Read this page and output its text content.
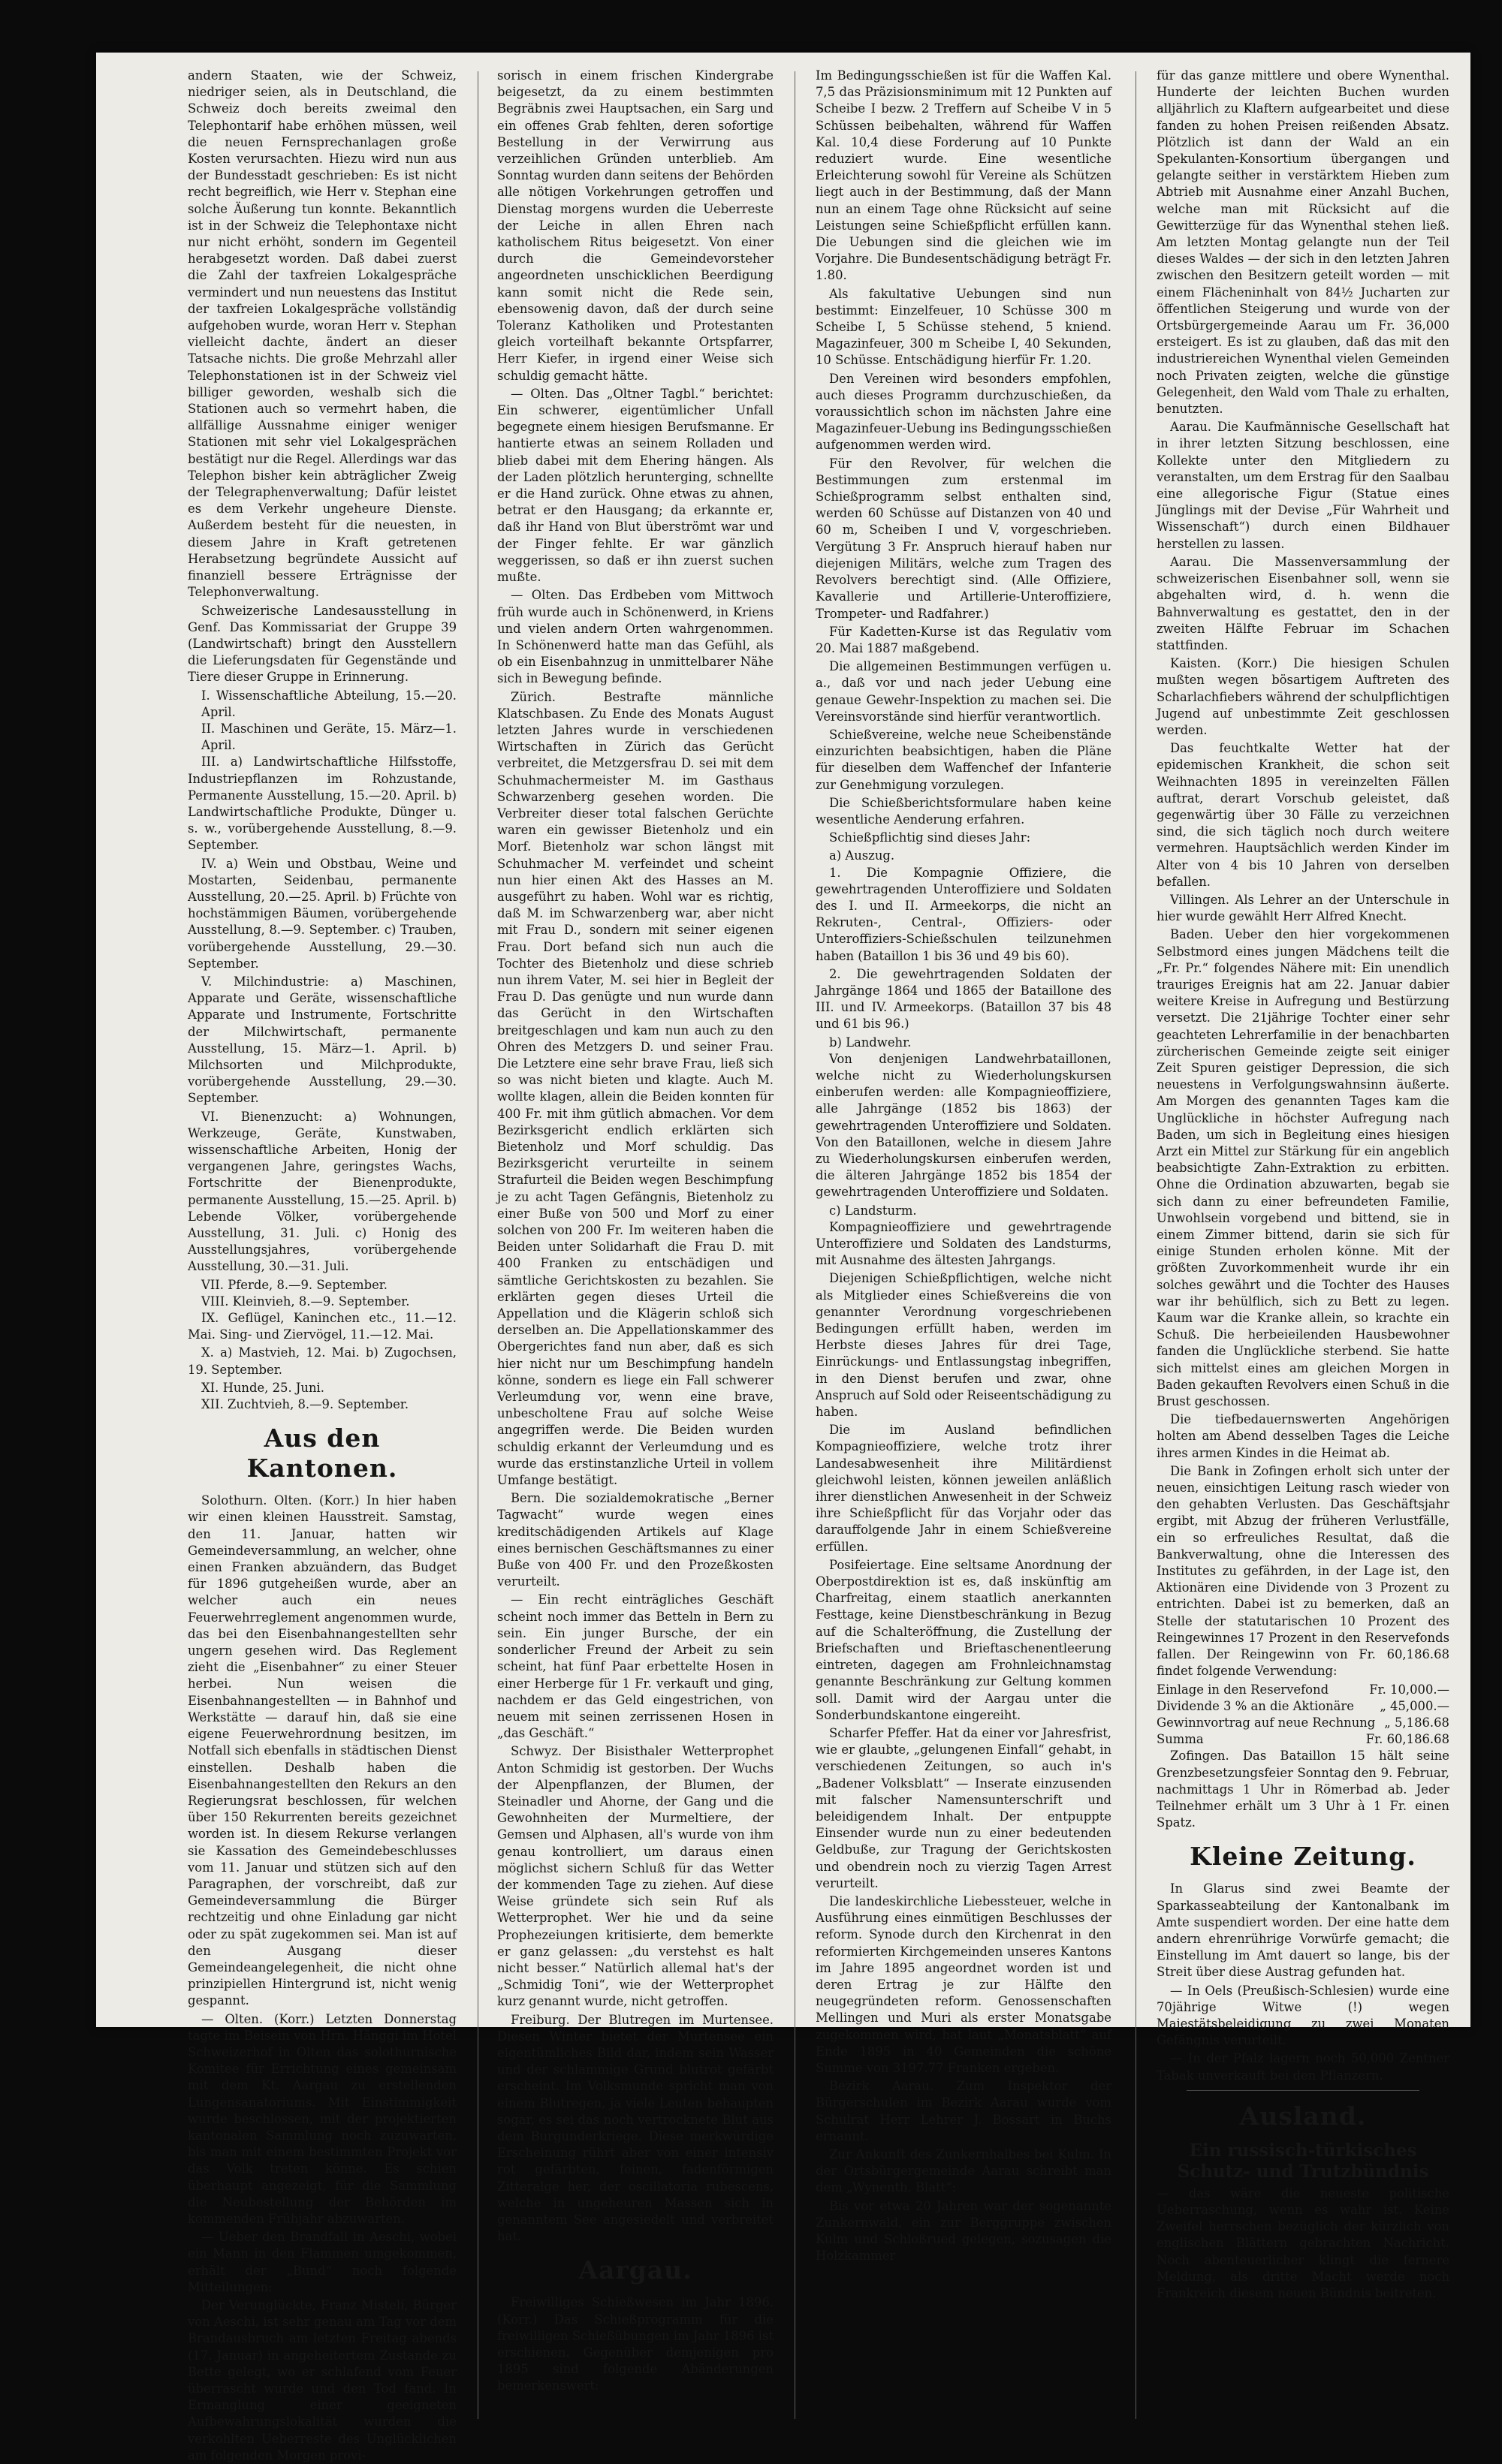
andern Staaten, wie der Schweiz, niedriger seien, als in Deutschland, die Schweiz doch bereits zweimal den Telephontarif habe erhöhen müssen, weil die neuen Fernsprechanlagen große Kosten verursachten. Hiezu wird nun aus der Bundesstadt geschrieben: Es ist nicht recht begreiflich, wie Herr v. Stephan eine solche Äußerung tun konnte. Bekanntlich ist in der Schweiz die Telephontaxe nicht nur nicht erhöht, sondern im Gegenteil herabgesetzt worden. Daß dabei zuerst die Zahl der taxfreien Lokalgespräche vermindert und nun neuestens das Institut der taxfreien Lokalgespräche vollständig aufgehoben wurde, woran Herr v. Stephan vielleicht dachte, ändert an dieser Tatsache nichts. Die große Mehrzahl aller Telephonstationen ist in der Schweiz viel billiger geworden, weshalb sich die Stationen auch so vermehrt haben, die allfällige Aussnahme einiger weniger Stationen mit sehr viel Lokalgesprächen bestätigt nur die Regel. Allerdings war das Telephon bisher kein abträglicher Zweig der Telegraphenverwaltung; Dafür leistet es dem Verkehr ungeheure Dienste. Außerdem besteht für die neuesten, in diesem Jahre in Kraft getretenen Herabsetzung begründete Aussicht auf finanziell bessere Erträgnisse der Telephonverwaltung.

Schweizerische Landesausstellung in Genf. Das Kommissariat der Gruppe 39 (Landwirtschaft) bringt den Ausstellern die Lieferungsdaten für Gegenstände und Tiere dieser Gruppe in Erinnerung.

I. Wissenschaftliche Abteilung, 15.—20. April.

II. Maschinen und Geräte, 15. März—1. April.

III. a) Landwirtschaftliche Hilfsstoffe, Industriepflanzen im Rohzustande, Permanente Ausstellung, 15.—20. April. b) Landwirtschaftliche Produkte, Dünger u. s. w., vorübergehende Ausstellung, 8.—9. September.

IV. a) Wein und Obstbau, Weine und Mostarten, Seidenbau, permanente Ausstellung, 20.—25. April. b) Früchte von hochstämmigen Bäumen, vorübergehende Ausstellung, 8.—9. September. c) Trauben, vorübergehende Ausstellung, 29.—30. September.

V. Milchindustrie: a) Maschinen, Apparate und Geräte, wissenschaftliche Apparate und Instrumente, Fortschritte der Milchwirtschaft, permanente Ausstellung, 15. März—1. April. b) Milchsorten und Milchprodukte, vorübergehende Ausstellung, 29.—30. September.

VI. Bienenzucht: a) Wohnungen, Werkzeuge, Geräte, Kunstwaben, wissenschaftliche Arbeiten, Honig der vergangenen Jahre, geringstes Wachs, Fortschritte der Bienenprodukte, permanente Ausstellung, 15.—25. April. b) Lebende Völker, vorübergehende Ausstellung, 31. Juli. c) Honig des Ausstellungsjahres, vorübergehende Ausstellung, 30.—31. Juli.

VII. Pferde, 8.—9. September.

VIII. Kleinvieh, 8.—9. September.

IX. Geflügel, Kaninchen etc., 11.—12. Mai. Sing- und Ziervögel, 11.—12. Mai.

X. a) Mastvieh, 12. Mai. b) Zugochsen, 19. September.

XI. Hunde, 25. Juni.

XII. Zuchtvieh, 8.—9. September.

Aus den Kantonen.

Solothurn. Olten. (Korr.) In hier haben wir einen kleinen Hausstreit. Samstag, den 11. Januar, hatten wir Gemeindeversammlung, an welcher, ohne einen Franken abzuändern, das Budget für 1896 gutgeheißen wurde, aber an welcher auch ein neues Feuerwehrreglement angenommen wurde, das bei den Eisenbahnangestellten sehr ungern gesehen wird. Das Reglement zieht die „Eisenbahner“ zu einer Steuer herbei. Nun weisen die Eisenbahnangestellten — in Bahnhof und Werkstätte — darauf hin, daß sie eine eigene Feuerwehrordnung besitzen, im Notfall sich ebenfalls in städtischen Dienst einstellen. Deshalb haben die Eisenbahnangestellten den Rekurs an den Regierungsrat beschlossen, für welchen über 150 Rekurrenten bereits gezeichnet worden ist. In diesem Rekurse verlangen sie Kassation des Gemeindebeschlusses vom 11. Januar und stützen sich auf den Paragraphen, der vorschreibt, daß zur Gemeindeversammlung die Bürger rechtzeitig und ohne Einladung gar nicht oder zu spät zugekommen sei. Man ist auf den Ausgang dieser Gemeindeangelegenheit, die nicht ohne prinzipiellen Hintergrund ist, nicht wenig gespannt.

— Olten. (Korr.) Letzten Donnerstag tagte im Beisein von Hrn. Hänggi im Hotel Schweizerhof in Olten das solothurnische Komitee für Errichtung eines gemeinsam mit dem Kt. Aargau zu erstellenden Lungensanatoriums. Mit Einstimmigkeit wurde beschlossen, mit der projektierten kantonalen Sammlung noch zuzuwarten, bis man mit einem bestimmten Projekt vor das Volk treten könne. Es schien überhaupt angezeigt, für die Sammlung die Neubestellung der Behörden im kommenden Frühjahr abzuwarten.

— Ueber den Brandfall in Aeschi, wobei ein Mann in den Flammen umgekommen, erhält der „Bund“ noch folgende Mitteilungen:

Der Verunglückte, Franz Mistelí, Bürger von Aeschi, ist sehr genau am Tag vor dem Brandausbruch am letzten Freitag abends (17. Januar) in angeheitertem Zustande zu Bette gelegt, wo er schlafend vom Feuer überrascht wurde und den Tod fand. In Ermanglung einer geeigneten Aufbewahrungslokalität wurden die verkohlten Ueberreste des Unglücklichen am folgenden Morgen provi-

sorisch in einem frischen Kindergrabe beigesetzt, da zu einem bestimmten Begräbnis zwei Hauptsachen, ein Sarg und ein offenes Grab fehlten, deren sofortige Bestellung in der Verwirrung aus verzeihlichen Gründen unterblieb. Am Sonntag wurden dann seitens der Behörden alle nötigen Vorkehrungen getroffen und Dienstag morgens wurden die Ueberreste der Leiche in allen Ehren nach katholischem Ritus beigesetzt. Von einer durch die Gemeindevorsteher angeordneten unschicklichen Beerdigung kann somit nicht die Rede sein, ebensowenig davon, daß der durch seine Toleranz Katholiken und Protestanten gleich vorteilhaft bekannte Ortspfarrer, Herr Kiefer, in irgend einer Weise sich schuldig gemacht hätte.

— Olten. Das „Oltner Tagbl.“ berichtet: Ein schwerer, eigentümlicher Unfall begegnete einem hiesigen Berufsmanne. Er hantierte etwas an seinem Rolladen und blieb dabei mit dem Ehering hängen. Als der Laden plötzlich herunterging, schnellte er die Hand zurück. Ohne etwas zu ahnen, betrat er den Hausgang; da erkannte er, daß ihr Hand von Blut überströmt war und der Finger fehlte. Er war gänzlich weggerissen, so daß er ihn zuerst suchen mußte.

— Olten. Das Erdbeben vom Mittwoch früh wurde auch in Schönenwerd, in Kriens und vielen andern Orten wahrgenommen. In Schönenwerd hatte man das Gefühl, als ob ein Eisenbahnzug in unmittelbarer Nähe sich in Bewegung befinde.

Zürich. Bestrafte männliche Klatschbasen. Zu Ende des Monats August letzten Jahres wurde in verschiedenen Wirtschaften in Zürich das Gerücht verbreitet, die Metzgersfrau D. sei mit dem Schuhmachermeister M. im Gasthaus Schwarzenberg gesehen worden. Die Verbreiter dieser total falschen Gerüchte waren ein gewisser Bietenholz und ein Morf. Bietenholz war schon längst mit Schuhmacher M. verfeindet und scheint nun hier einen Akt des Hasses an M. ausgeführt zu haben. Wohl war es richtig, daß M. im Schwarzenberg war, aber nicht mit Frau D., sondern mit seiner eigenen Frau. Dort befand sich nun auch die Tochter des Bietenholz und diese schrieb nun ihrem Vater, M. sei hier in Begleit der Frau D. Das genügte und nun wurde dann das Gerücht in den Wirtschaften breitgeschlagen und kam nun auch zu den Ohren des Metzgers D. und seiner Frau. Die Letztere eine sehr brave Frau, ließ sich so was nicht bieten und klagte. Auch M. wollte klagen, allein die Beiden konnten für 400 Fr. mit ihm gütlich abmachen. Vor dem Bezirksgericht endlich erklärten sich Bietenholz und Morf schuldig. Das Bezirksgericht verurteilte in seinem Strafurteil die Beiden wegen Beschimpfung je zu acht Tagen Gefängnis, Bietenholz zu einer Buße von 500 und Morf zu einer solchen von 200 Fr. Im weiteren haben die Beiden unter Solidarhaft die Frau D. mit 400 Franken zu entschädigen und sämtliche Gerichtskosten zu bezahlen. Sie erklärten gegen dieses Urteil die Appellation und die Klägerin schloß sich derselben an. Die Appellationskammer des Obergerichtes fand nun aber, daß es sich hier nicht nur um Beschimpfung handeln könne, sondern es liege ein Fall schwerer Verleumdung vor, wenn eine brave, unbescholtene Frau auf solche Weise angegriffen werde. Die Beiden wurden schuldig erkannt der Verleumdung und es wurde das erstinstanzliche Urteil in vollem Umfange bestätigt.

Bern. Die sozialdemokratische „Berner Tagwacht“ wurde wegen eines kreditschädigenden Artikels auf Klage eines bernischen Geschäftsmannes zu einer Buße von 400 Fr. und den Prozeßkosten verurteilt.

— Ein recht einträgliches Geschäft scheint noch immer das Betteln in Bern zu sein. Ein junger Bursche, der ein sonderlicher Freund der Arbeit zu sein scheint, hat fünf Paar erbettelte Hosen in einer Herberge für 1 Fr. verkauft und ging, nachdem er das Geld eingestrichen, von neuem mit seinen zerrissenen Hosen in „das Geschäft.“

Schwyz. Der Bisisthaler Wetterprophet Anton Schmidig ist gestorben. Der Wuchs der Alpenpflanzen, der Blumen, der Steinadler und Ahorne, der Gang und die Gewohnheiten der Murmeltiere, der Gemsen und Alphasen, all's wurde von ihm genau kontrolliert, um daraus einen möglichst sichern Schluß für das Wetter der kommenden Tage zu ziehen. Auf diese Weise gründete sich sein Ruf als Wetterprophet. Wer hie und da seine Prophezeiungen kritisierte, dem bemerkte er ganz gelassen: „du verstehst es halt nicht besser.“ Natürlich allemal hat's der „Schmidig Toni“, wie der Wetterprophet kurz genannt wurde, nicht getroffen.

Freiburg. Der Blutregen im Murtensee. Diesen Winter bietet der Murtensee ein eigentümliches Bild dar, indem sein Wasser und der schlammige Grund blutrot gefärbt erscheint. Im Volksmunde spricht man von einem Blutregen, ja viele Leuten behaupten sogar, es sei das noch vertrocknete Blut aus dem Burgunderkriege. Diese merkwürdige Erscheinung rührt aber von einer intensiv rot gefärbten, feinen, fadenförmigen Zitteralge her, der oscillatoria rubescens, welche in ungeheuren Massen sich in genanntem See angesiedelt und verbreitet hat.

Aargau.

Freiwilliges Schießwesen im Jahr 1896. (Korr.) Das Schießprogramm für die freiwilligen Schießübungen im Jahr 1896 ist erschienen. Gegenüber demjenigen pro 1895 sind folgende Abänderungen bemerkenswert:

Im Bedingungsschießen ist für die Waffen Kal. 7,5 das Präzisionsminimum mit 12 Punkten auf Scheibe I bezw. 2 Treffern auf Scheibe V in 5 Schüssen beibehalten, während für Waffen Kal. 10,4 diese Forderung auf 10 Punkte reduziert wurde. Eine wesentliche Erleichterung sowohl für Vereine als Schützen liegt auch in der Bestimmung, daß der Mann nun an einem Tage ohne Rücksicht auf seine Leistungen seine Schießpflicht erfüllen kann. Die Uebungen sind die gleichen wie im Vorjahre. Die Bundesentschädigung beträgt Fr. 1.80.

Als fakultative Uebungen sind nun bestimmt: Einzelfeuer, 10 Schüsse 300 m Scheibe I, 5 Schüsse stehend, 5 kniend. Magazinfeuer, 300 m Scheibe I, 40 Sekunden, 10 Schüsse. Entschädigung hierfür Fr. 1.20.

Den Vereinen wird besonders empfohlen, auch dieses Programm durchzuschießen, da voraussichtlich schon im nächsten Jahre eine Magazinfeuer-Uebung ins Bedingungsschießen aufgenommen werden wird.

Für den Revolver, für welchen die Bestimmungen zum erstenmal im Schießprogramm selbst enthalten sind, werden 60 Schüsse auf Distanzen von 40 und 60 m, Scheiben I und V, vorgeschrieben. Vergütung 3 Fr. Anspruch hierauf haben nur diejenigen Militärs, welche zum Tragen des Revolvers berechtigt sind. (Alle Offiziere, Kavallerie und Artillerie-Unteroffiziere, Trompeter- und Radfahrer.)

Für Kadetten-Kurse ist das Regulativ vom 20. Mai 1887 maßgebend.

Die allgemeinen Bestimmungen verfügen u. a., daß vor und nach jeder Uebung eine genaue Gewehr-Inspektion zu machen sei. Die Vereinsvorstände sind hierfür verantwortlich.

Schießvereine, welche neue Scheibenstände einzurichten beabsichtigen, haben die Pläne für dieselben dem Waffenchef der Infanterie zur Genehmigung vorzulegen.

Die Schießberichtsformulare haben keine wesentliche Aenderung erfahren.

Schießpflichtig sind dieses Jahr:

a) Auszug.

1. Die Kompagnie Offiziere, die gewehrtragenden Unteroffiziere und Soldaten des I. und II. Armeekorps, die nicht an Rekruten-, Central-, Offiziers- oder Unteroffiziers-Schießschulen teilzunehmen haben (Bataillon 1 bis 36 und 49 bis 60).

2. Die gewehrtragenden Soldaten der Jahrgänge 1864 und 1865 der Bataillone des III. und IV. Armeekorps. (Bataillon 37 bis 48 und 61 bis 96.)

b) Landwehr.

Von denjenigen Landwehrbataillonen, welche nicht zu Wiederholungskursen einberufen werden: alle Kompagnieoffiziere, alle Jahrgänge (1852 bis 1863) der gewehrtragenden Unteroffiziere und Soldaten. Von den Bataillonen, welche in diesem Jahre zu Wiederholungskursen einberufen werden, die älteren Jahrgänge 1852 bis 1854 der gewehrtragenden Unteroffiziere und Soldaten.

c) Landsturm.

Kompagnieoffiziere und gewehrtragende Unteroffiziere und Soldaten des Landsturms, mit Ausnahme des ältesten Jahrgangs.

Diejenigen Schießpflichtigen, welche nicht als Mitglieder eines Schießvereins die von genannter Verordnung vorgeschriebenen Bedingungen erfüllt haben, werden im Herbste dieses Jahres für drei Tage, Einrückungs- und Entlassungstag inbegriffen, in den Dienst berufen und zwar, ohne Anspruch auf Sold oder Reiseentschädigung zu haben.

Die im Ausland befindlichen Kompagnieoffiziere, welche trotz ihrer Landesabwesenheit ihre Militärdienst gleichwohl leisten, können jeweilen anläßlich ihrer dienstlichen Anwesenheit in der Schweiz ihre Schießpflicht für das Vorjahr oder das darauffolgende Jahr in einem Schießvereine erfüllen.

Posifeiertage. Eine seltsame Anordnung der Oberpostdirektion ist es, daß inskünftig am Charfreitag, einem staatlich anerkannten Festtage, keine Dienstbeschränkung in Bezug auf die Schalteröffnung, die Zustellung der Briefschaften und Brieftaschenentleerung eintreten, dagegen am Frohnleichnamstag genannte Beschränkung zur Geltung kommen soll. Damit wird der Aargau unter die Sonderbundskantone eingereiht.

Scharfer Pfeffer. Hat da einer vor Jahresfrist, wie er glaubte, „gelungenen Einfall“ gehabt, in verschiedenen Zeitungen, so auch in's „Badener Volksblatt“ — Inserate einzusenden mit falscher Namensunterschrift und beleidigendem Inhalt. Der entpuppte Einsender wurde nun zu einer bedeutenden Geldbuße, zur Tragung der Gerichtskosten und obendrein noch zu vierzig Tagen Arrest verurteilt.

Die landeskirchliche Liebessteuer, welche in Ausführung eines einmütigen Beschlusses der reform. Synode durch den Kirchenrat in den reformierten Kirchgemeinden unseres Kantons im Jahre 1895 angeordnet worden ist und deren Ertrag je zur Hälfte den neugegründeten reform. Genossenschaften Mellingen und Muri als erster Monatsgabe zugekommen wird, hat laut „Monatsblatt“ auf Ende 1895 in 40 Gemeinden die schöne Summe von 3197.77 Franken ergeben.

Bezirk Aarau. Zum Inspektor der Bürgerschulen im Bezirk Aarau wurde vom Schulrat Herr Lehrer J. Bossart in Buchs ernannt.

Zur Ankunft des Zunkernhalbes bei Kulm. In der Ortsbürgergemeinde Aarau schreibt man dem „Wynenth. Blatt“:

Bis vor etwa 20 Jahren war der sogenannte Zunkernwald, ein zur Berggruppe zwischen Kulm und Schloßrued gelegen, sozusagen die Holzkammer

für das ganze mittlere und obere Wynenthal. Hunderte der leichten Buchen wurden alljährlich zu Klaftern aufgearbeitet und diese fanden zu hohen Preisen reißenden Absatz. Plötzlich ist dann der Wald an ein Spekulanten-Konsortium übergangen und gelangte seither in verstärktem Hieben zum Abtrieb mit Ausnahme einer Anzahl Buchen, welche man mit Rücksicht auf die Gewitterzüge für das Wynenthal stehen ließ. Am letzten Montag gelangte nun der Teil dieses Waldes — der sich in den letzten Jahren zwischen den Besitzern geteilt worden — mit einem Flächeninhalt von 84½ Jucharten zur öffentlichen Steigerung und wurde von der Ortsbürgergemeinde Aarau um Fr. 36,000 ersteigert. Es ist zu glauben, daß das mit den industriereichen Wynenthal vielen Gemeinden noch Privaten zeigten, welche die günstige Gelegenheit, den Wald vom Thale zu erhalten, benutzten.

Aarau. Die Kaufmännische Gesellschaft hat in ihrer letzten Sitzung beschlossen, eine Kollekte unter den Mitgliedern zu veranstalten, um dem Erstrag für den Saalbau eine allegorische Figur (Statue eines Jünglings mit der Devise „Für Wahrheit und Wissenschaft“) durch einen Bildhauer herstellen zu lassen.

Aarau. Die Massenversammlung der schweizerischen Eisenbahner soll, wenn sie abgehalten wird, d. h. wenn die Bahnverwaltung es gestattet, den in der zweiten Hälfte Februar im Schachen stattfinden.

Kaisten. (Korr.) Die hiesigen Schulen mußten wegen bösartigem Auftreten des Scharlachfiebers während der schulpflichtigen Jugend auf unbestimmte Zeit geschlossen werden.

Das feuchtkalte Wetter hat der epidemischen Krankheit, die schon seit Weihnachten 1895 in vereinzelten Fällen auftrat, derart Vorschub geleistet, daß gegenwärtig über 30 Fälle zu verzeichnen sind, die sich täglich noch durch weitere vermehren. Hauptsächlich werden Kinder im Alter von 4 bis 10 Jahren von derselben befallen.

Villingen. Als Lehrer an der Unterschule in hier wurde gewählt Herr Alfred Knecht.

Baden. Ueber den hier vorgekommenen Selbstmord eines jungen Mädchens teilt die „Fr. Pr.“ folgendes Nähere mit: Ein unendlich trauriges Ereignis hat am 22. Januar dabier weitere Kreise in Aufregung und Bestürzung versetzt. Die 21jährige Tochter einer sehr geachteten Lehrerfamilie in der benachbarten zürcherischen Gemeinde zeigte seit einiger Zeit Spuren geistiger Depression, die sich neuestens in Verfolgungswahnsinn äußerte. Am Morgen des genannten Tages kam die Unglückliche in höchster Aufregung nach Baden, um sich in Begleitung eines hiesigen Arzt ein Mittel zur Stärkung für ein angeblich beabsichtigte Zahn-Extraktion zu erbitten. Ohne die Ordination abzuwarten, begab sie sich dann zu einer befreundeten Familie, Unwohlsein vorgebend und bittend, sie in einem Zimmer bittend, darin sie sich für einige Stunden erholen könne. Mit der größten Zuvorkommenheit wurde ihr ein solches gewährt und die Tochter des Hauses war ihr behülflich, sich zu Bett zu legen. Kaum war die Kranke allein, so krachte ein Schuß. Die herbeieilenden Hausbewohner fanden die Unglückliche sterbend. Sie hatte sich mittelst eines am gleichen Morgen in Baden gekauften Revolvers einen Schuß in die Brust geschossen.

Die tiefbedauernswerten Angehörigen holten am Abend desselben Tages die Leiche ihres armen Kindes in die Heimat ab.

Die Bank in Zofingen erholt sich unter der neuen, einsichtigen Leitung rasch wieder von den gehabten Verlusten. Das Geschäftsjahr ergibt, mit Abzug der früheren Verlustfälle, ein so erfreuliches Resultat, daß die Bankverwaltung, ohne die Interessen des Institutes zu gefährden, in der Lage ist, den Aktionären eine Dividende von 3 Prozent zu entrichten. Dabei ist zu bemerken, daß an Stelle der statutarischen 10 Prozent des Reingewinnes 17 Prozent in den Reservefonds fallen. Der Reingewinn von Fr. 60,186.68 findet folgende Verwendung:

Einlage in den Reservefond	Fr. 10,000.—
Dividende 3 % an die Aktionäre „ 45,000.—
Gewinnvortrag auf neue Rechnung „ 5,186.68
Summa	Fr. 60,186.68

Zofingen. Das Bataillon 15 hält seine Grenzbesetzungsfeier Sonntag den 9. Februar, nachmittags 1 Uhr in Römerbad ab. Jeder Teilnehmer erhält um 3 Uhr à 1 Fr. einen Spatz.

Kleine Zeitung.

In Glarus sind zwei Beamte der Sparkasseabteilung der Kantonalbank im Amte suspendiert worden. Der eine hatte dem andern ehrenrührige Vorwürfe gemacht; die Einstellung im Amt dauert so lange, bis der Streit über diese Austrag gefunden hat.

— In Oels (Preußisch-Schlesien) wurde eine 70jährige Witwe (!) wegen Majestätsbeleidigung zu zwei Monaten Gefängnis verurteilt.

— In der Pfalz lagern noch 50,000 Zentner Tabak unverkauft bei den Pflanzern.

Ausland.
Ein russisch-türkisches Schutz- und Trutzbündnis

— das wäre die neueste politische Ueberraschung, wenn es wahr ist. Keine Zweifel herrschen bezüglich der kürzlich von englischen Blättern gebrachten Nachricht. Noch abenteuerlicher klingt die fernere Meldung, als dritte Macht werde noch Frankreich diesem neuen Bündnis beitreten.
